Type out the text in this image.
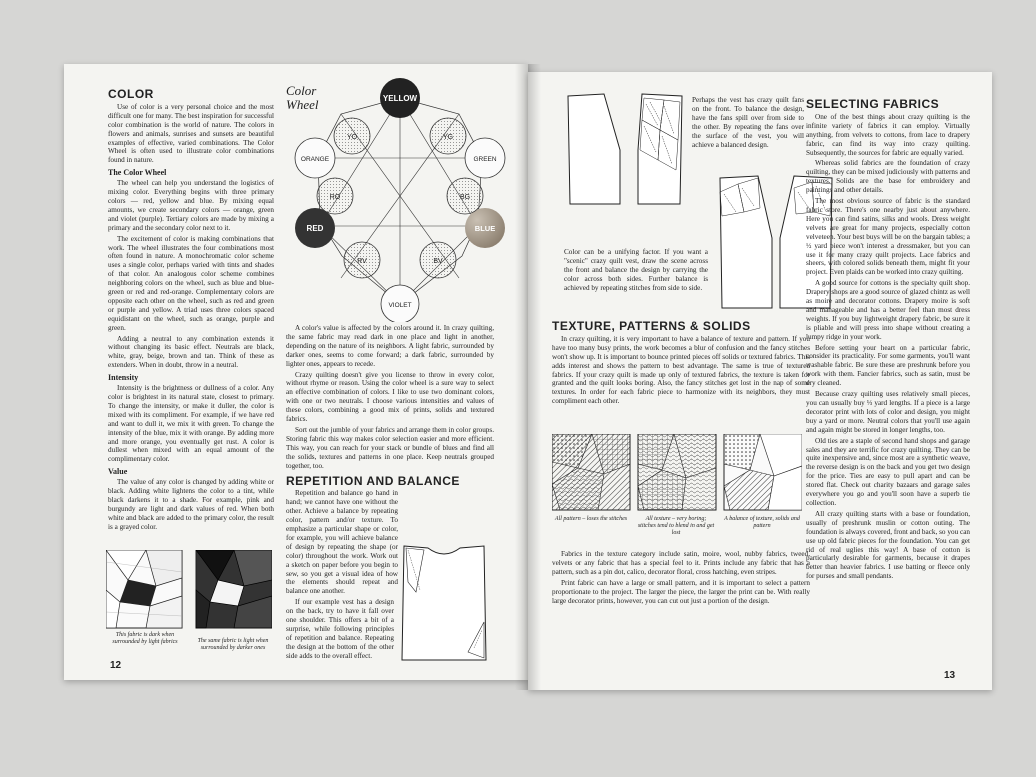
COLOR

Use of color is a very personal choice and the most difficult one for many. The best inspiration for successful color combination is the world of nature. The colors in flowers and animals, sunrises and sunsets are beautiful examples of effective, varied combinations. The Color Wheel is often used to illustrate color combinations found in nature.

The Color Wheel

The wheel can help you understand the logistics of mixing color. Everything begins with three primary colors — red, yellow and blue. By mixing equal amounts, we create secondary colors — orange, green and violet (purple). Tertiary colors are made by mixing a primary and the secondary color next to it.

The excitement of color is making combinations that work. The wheel illustrates the four combinations most often found in nature. A monochromatic color scheme uses a single color, perhaps varied with tints and shades of that color. An analogous color scheme combines neighboring colors on the wheel, such as blue and blue-green or red and red-orange. Complementary colors are opposite each other on the wheel, such as red and green or purple and yellow. A triad uses three colors spaced equidistant on the wheel, such as orange, purple and green.

Adding a neutral to any combination extends it without changing its basic effect. Neutrals are black, white, gray, beige, brown and tan. Think of these as extenders. When in doubt, throw in a neutral.

Intensity

Intensity is the brightness or dullness of a color. Any color is brightest in its natural state, closest to primary. To change the intensity, or make it duller, the color is mixed with its compliment. For example, if we have red and want to dull it, we mix it with green. To change the intensity of the blue, mix it with orange. By adding more and more orange, you eventually get rust. A color is dullest when mixed with an equal amount of the complimentary color.

Value

The value of any color is changed by adding white or black. Adding white lightens the color to a tint, while black darkens it to a shade. For example, pink and burgundy are light and dark values of red. When both white and black are added to the primary color, the result is a grayed color.

This fabric is dark when surrounded by light fabrics	The same fabric is light when surrounded by darker ones
Color
Wheel	YELLOW
RED	BLUE
ORANGE	GREEN
VIOLET
YO	YG
RO	BG
RV	BV

A color's value is affected by the colors around it. In crazy quilting, the same fabric may read dark in one place and light in another, depending on the nature of its neighbors. A light fabric, surrounded by darker ones, seems to come forward; a dark fabric, surrounded by lighter ones, appears to recede.

Crazy quilting doesn't give you license to throw in every color, without rhyme or reason. Using the color wheel is a sure way to select an effective combination of colors. I like to use two dominant colors, with one or two neutrals. I choose various intensities and values of these colors, combining a good mix of prints, solids and textured fabrics.

Sort out the jumble of your fabrics and arrange them in color groups. Storing fabric this way makes color selection easier and more efficient. This way, you can reach for your stack or bundle of blues and find all the solids, textures and patterns in one place. Keep neutrals grouped together, too.

REPETITION AND BALANCE

Repetition and balance go hand in hand; we cannot have one without the other. Achieve a balance by repeating color, pattern and/or texture. To emphasize a particular shape or color, for example, you will achieve balance of design by repeating the shape (or color) throughout the work. Work out a sketch on paper before you begin to sew, so you get a visual idea of how the elements should repeat and balance one another.

If our example vest has a design on the back, try to have it fall over one shoulder. This offers a bit of a surprise, while following principles of repetition and balance. Repeating the design at the bottom of the other side adds to the overall effect.

12
Perhaps the vest has crazy quilt fans on the front. To balance the design, have the fans spill over from side to the other. By repeating the fans over the surface of the vest, you will achieve a balanced design.
Color can be a unifying factor. If you want a "scenic" crazy quilt vest, draw the scene across the front and balance the design by carrying the color across both sides. Further balance is achieved by repeating stitches from side to side.
TEXTURE, PATTERNS & SOLIDS

In crazy quilting, it is very important to have a balance of texture and pattern. If you have too many busy prints, the work becomes a blur of confusion and the fancy stitches won't show up. It is important to bounce printed pieces off solids or textured fabrics. This adds interest and shows the pattern to best advantage. The same is true of textured fabrics. If your crazy quilt is made up only of textured fabrics, the texture is taken for granted and the quilt looks boring. Also, the fancy stitches get lost in the nap of some textures. In order for each fabric piece to harmonize with its neighbors, they must compliment each other.

All pattern – loses the stitches	All texture – very boring; stitches tend to blend in and get lost
A balance of texture, solids and pattern

Fabrics in the texture category include satin, moire, wool, nubby fabrics, tweed, velvets or any fabric that has a special feel to it. Prints include any fabric that has a pattern, such as a pin dot, calico, decorator floral, cross hatching, even stripes.

Print fabric can have a large or small pattern, and it is important to select a pattern proportionate to the project. The larger the piece, the larger the print can be. With really large decorator prints, however, you can cut out just a portion of the design.

SELECTING FABRICS

One of the best things about crazy quilting is the infinite variety of fabrics it can employ. Virtually anything, from velvets to cottons, from lace to drapery fabric, can find its way into crazy quilting. Subsequently, the sources for fabric are equally varied.

Whereas solid fabrics are the foundation of crazy quilting, they can be mixed judiciously with patterns and textures. Solids are the base for embroidery and paintings and other details.

The most obvious source of fabric is the standard fabric store. There's one nearby just about anywhere. Here you can find satins, silks and wools. Dress weight velvets are great for many projects, especially cotton velveteen. Your best buys will be on the bargain tables; a ½ yard piece won't interest a dressmaker, but you can use it for many crazy quilt projects. Lace fabrics and sheers, with colored solids beneath them, might fit your project. Even plaids can be worked into crazy quilting.

A good source for cottons is the specialty quilt shop. Drapery shops are a good source of glazed chintz as well as moire and decorator cottons. Drapery moire is soft and manageable and has a better feel than most dress weights. If you buy lightweight drapery fabric, be sure it is pliable and will press into shape without creating a lumpy ridge in your work.

Before setting your heart on a particular fabric, consider its practicality. For some garments, you'll want washable fabric. Be sure these are preshrunk before you work with them. Fancier fabrics, such as satin, must be dry cleaned.

Because crazy quilting uses relatively small pieces, you can usually buy ⅓ yard lengths. If a piece is a large decorator print with lots of color and design, you might buy a yard or more. Neutral colors that you'll use again and again might be stored in longer lengths, too.

Old ties are a staple of second hand shops and garage sales and they are terrific for crazy quilting. They can be quite inexpensive and, since most are a synthetic weave, the reverse design is on the back and you get two design for the price. Ties are easy to pull apart and can be stored flat. Check out charity bazaars and garage sales everywhere you go and you'll soon have a superb tie collection.

All crazy quilting starts with a base or foundation, usually of preshrunk muslin or cotton outing. The foundation is always covered, front and back, so you can use up old fabric pieces for the foundation. You can get rid of real uglies this way! A base of cotton is particularly desirable for garments, because it drapes better than heavier fabrics. I use batting or fleece only for purses and small pendants.

13
